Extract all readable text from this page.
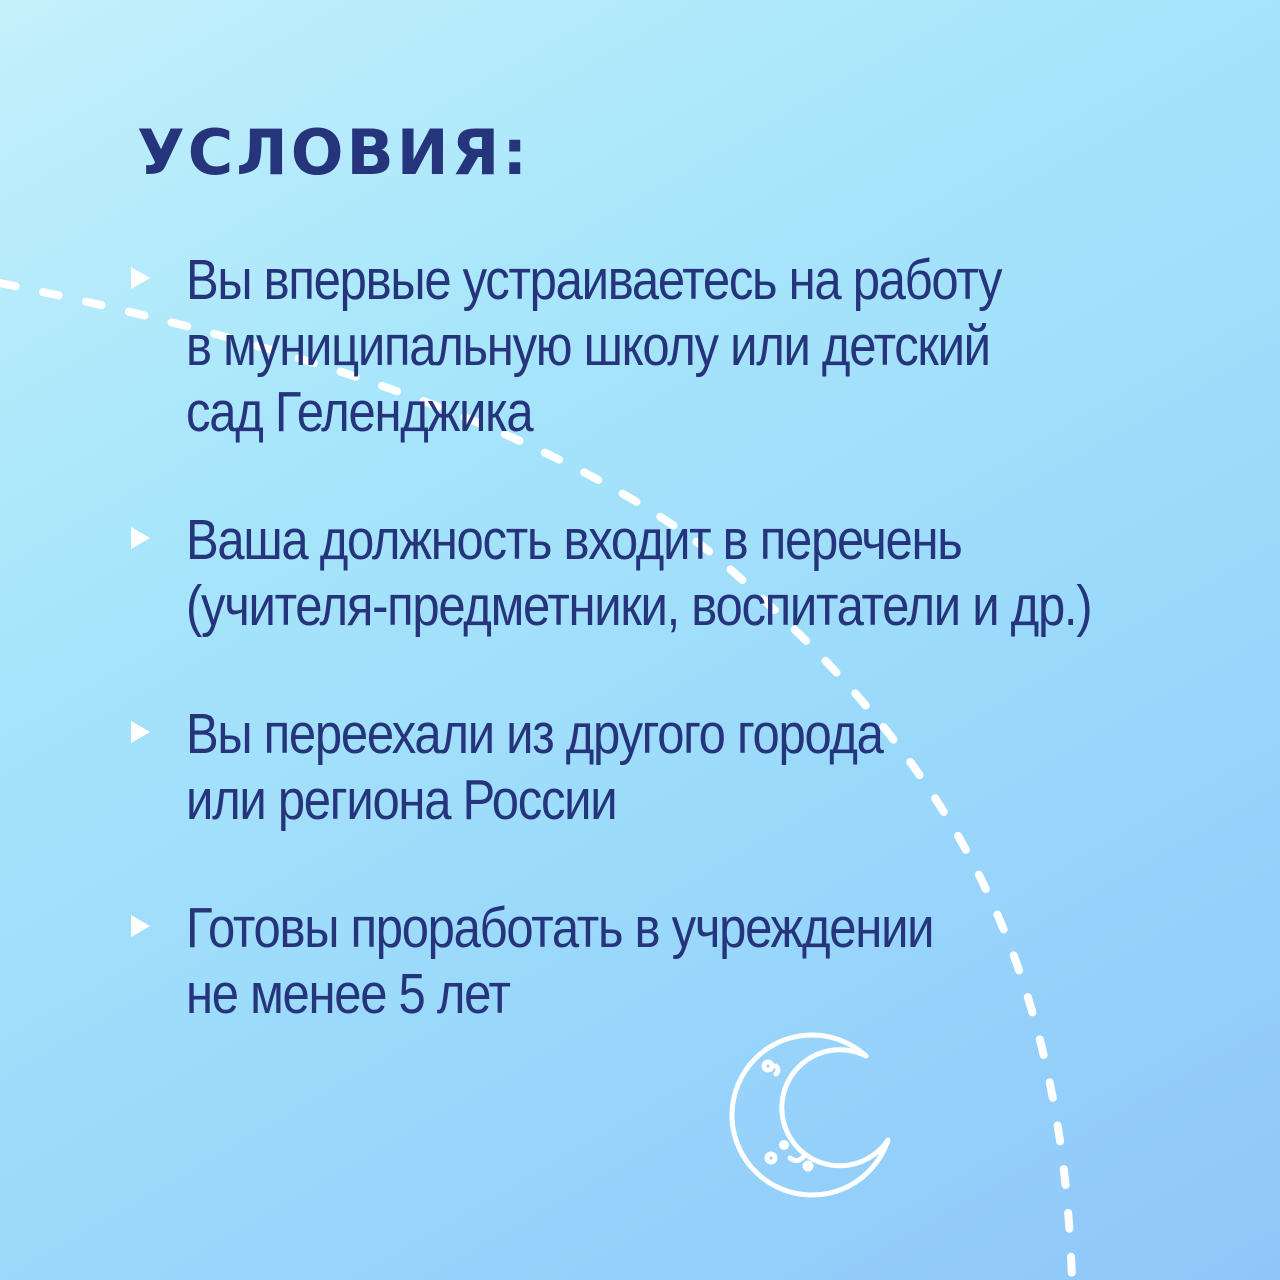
УСЛОВИЯ:

Вы впервые устраиваетесь на работу
в муниципальную школу или детский
сад Геленджика

Ваша должность входит в перечень
(учителя-предметники, воспитатели и др.)

Вы переехали из другого города
или региона России

Готовы проработать в учреждении
не менее 5 лет
